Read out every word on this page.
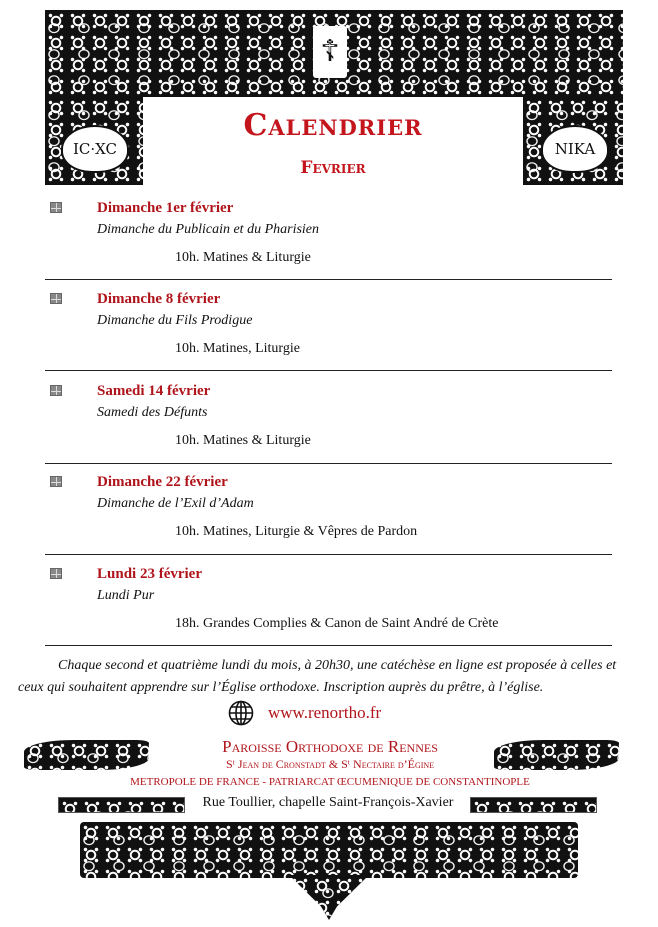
IC·XC	NIKA
☦
Calendrier
Fevrier
Dimanche 1er février
Dimanche du Publicain et du Pharisien
10h. Matines & Liturgie
Dimanche 8 février
Dimanche du Fils Prodigue
10h. Matines, Liturgie
Samedi 14 février
Samedi des Défunts
10h. Matines & Liturgie
Dimanche 22 février
Dimanche de l’Exil d’Adam
10h. Matines, Liturgie & Vêpres de Pardon
Lundi 23 février
Lundi Pur
18h. Grandes Complies & Canon de Saint André de Crète
Chaque second et quatrième lundi du mois, à 20h30, une catéchèse en ligne est proposée à celles et ceux qui souhaitent apprendre sur l’Église orthodoxe. Inscription auprès du prêtre, à l’église.
www.renortho.fr
Paroisse Orthodoxe de Rennes
Sᵗ Jean de Cronstadt & Sᵗ Nectaire d’Égine
METROPOLE DE FRANCE - PATRIARCAT ŒCUMENIQUE DE CONSTANTINOPLE
Rue Toullier, chapelle Saint-François-Xavier
